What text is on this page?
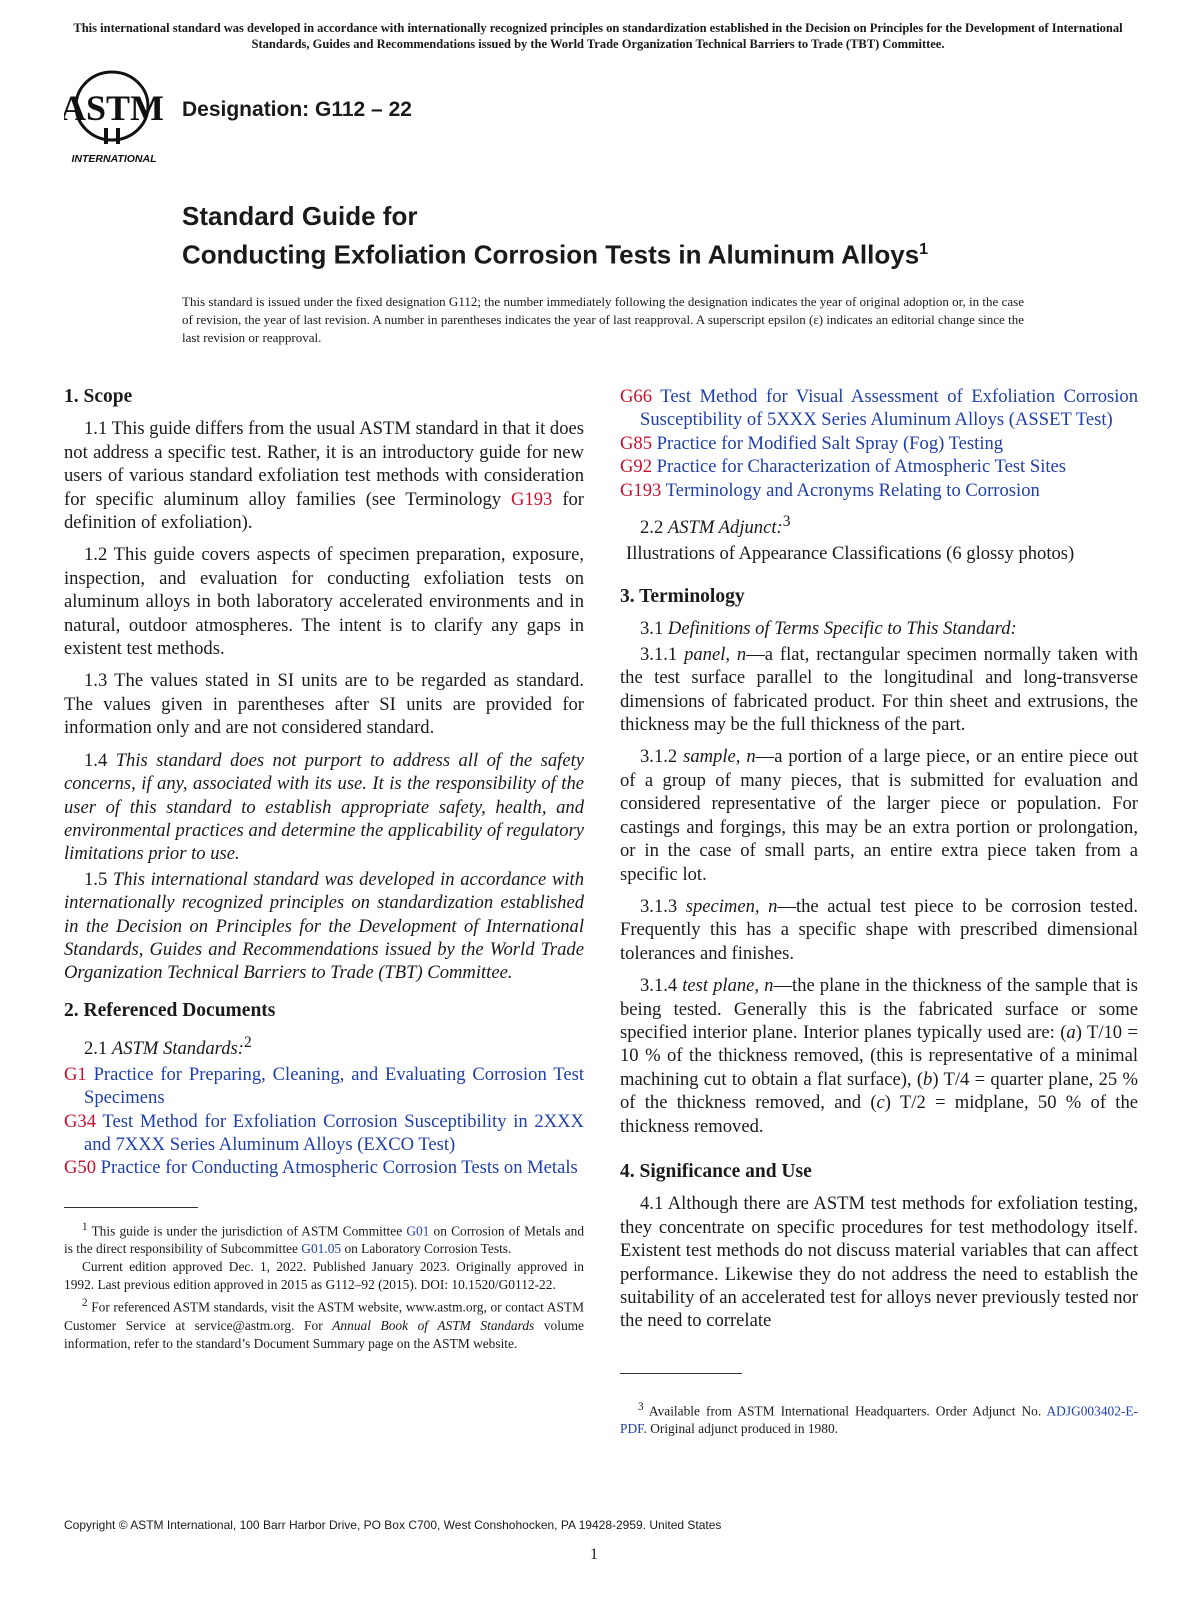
This international standard was developed in accordance with internationally recognized principles on standardization established in the Decision on Principles for the Development of International Standards, Guides and Recommendations issued by the World Trade Organization Technical Barriers to Trade (TBT) Committee.
ASTM
INTERNATIONAL
Designation: G112 – 22
Standard Guide for
Conducting Exfoliation Corrosion Tests in Aluminum Alloys$^1$
This standard is issued under the fixed designation G112; the number immediately following the designation indicates the year of original adoption or, in the case of revision, the year of last revision. A number in parentheses indicates the year of last reapproval. A superscript epsilon (ε) indicates an editorial change since the last revision or reapproval.
1. Scope

1.1 This guide differs from the usual ASTM standard in that it does not address a specific test. Rather, it is an introductory guide for new users of various standard exfoliation test methods with consideration for specific aluminum alloy families (see Terminology G193 for definition of exfoliation).

1.2 This guide covers aspects of specimen preparation, exposure, inspection, and evaluation for conducting exfoliation tests on aluminum alloys in both laboratory accelerated environments and in natural, outdoor atmospheres. The intent is to clarify any gaps in existent test methods.

1.3 The values stated in SI units are to be regarded as standard. The values given in parentheses after SI units are provided for information only and are not considered standard.

1.4 This standard does not purport to address all of the safety concerns, if any, associated with its use. It is the responsibility of the user of this standard to establish appropriate safety, health, and environmental practices and determine the applicability of regulatory limitations prior to use.

1.5 This international standard was developed in accordance with internationally recognized principles on standardization established in the Decision on Principles for the Development of International Standards, Guides and Recommendations issued by the World Trade Organization Technical Barriers to Trade (TBT) Committee.

2. Referenced Documents

2.1 ASTM Standards:$^2$

G1 Practice for Preparing, Cleaning, and Evaluating Corrosion Test Specimens
G34 Test Method for Exfoliation Corrosion Susceptibility in 2XXX and 7XXX Series Aluminum Alloys (EXCO Test)
G50 Practice for Conducting Atmospheric Corrosion Tests on Metals

$^1$ This guide is under the jurisdiction of ASTM Committee G01 on Corrosion of Metals and is the direct responsibility of Subcommittee G01.05 on Laboratory Corrosion Tests.

Current edition approved Dec. 1, 2022. Published January 2023. Originally approved in 1992. Last previous edition approved in 2015 as G112–92 (2015). DOI: 10.1520/G0112-22.

$^2$ For referenced ASTM standards, visit the ASTM website, www.astm.org, or contact ASTM Customer Service at service@astm.org. For Annual Book of ASTM Standards volume information, refer to the standard’s Document Summary page on the ASTM website.

G66 Test Method for Visual Assessment of Exfoliation Corrosion Susceptibility of 5XXX Series Aluminum Alloys (ASSET Test)
G85 Practice for Modified Salt Spray (Fog) Testing
G92 Practice for Characterization of Atmospheric Test Sites
G193 Terminology and Acronyms Relating to Corrosion

2.2 ASTM Adjunct:$^3$

Illustrations of Appearance Classifications (6 glossy photos)
3. Terminology

3.1 Definitions of Terms Specific to This Standard:

3.1.1 panel, n—a flat, rectangular specimen normally taken with the test surface parallel to the longitudinal and long-transverse dimensions of fabricated product. For thin sheet and extrusions, the thickness may be the full thickness of the part.

3.1.2 sample, n—a portion of a large piece, or an entire piece out of a group of many pieces, that is submitted for evaluation and considered representative of the larger piece or population. For castings and forgings, this may be an extra portion or prolongation, or in the case of small parts, an entire extra piece taken from a specific lot.

3.1.3 specimen, n—the actual test piece to be corrosion tested. Frequently this has a specific shape with prescribed dimensional tolerances and finishes.

3.1.4 test plane, n—the plane in the thickness of the sample that is being tested. Generally this is the fabricated surface or some specified interior plane. Interior planes typically used are: (a) T/10 = 10 % of the thickness removed, (this is representative of a minimal machining cut to obtain a flat surface), (b) T/4 = quarter plane, 25 % of the thickness removed, and (c) T/2 = midplane, 50 % of the thickness removed.

4. Significance and Use

4.1 Although there are ASTM test methods for exfoliation testing, they concentrate on specific procedures for test methodology itself. Existent test methods do not discuss material variables that can affect performance. Likewise they do not address the need to establish the suitability of an accelerated test for alloys never previously tested nor the need to correlate

$^3$ Available from ASTM International Headquarters. Order Adjunct No. ADJG003402-E-PDF. Original adjunct produced in 1980.

Copyright © ASTM International, 100 Barr Harbor Drive, PO Box C700, West Conshohocken, PA 19428-2959. United States
1
